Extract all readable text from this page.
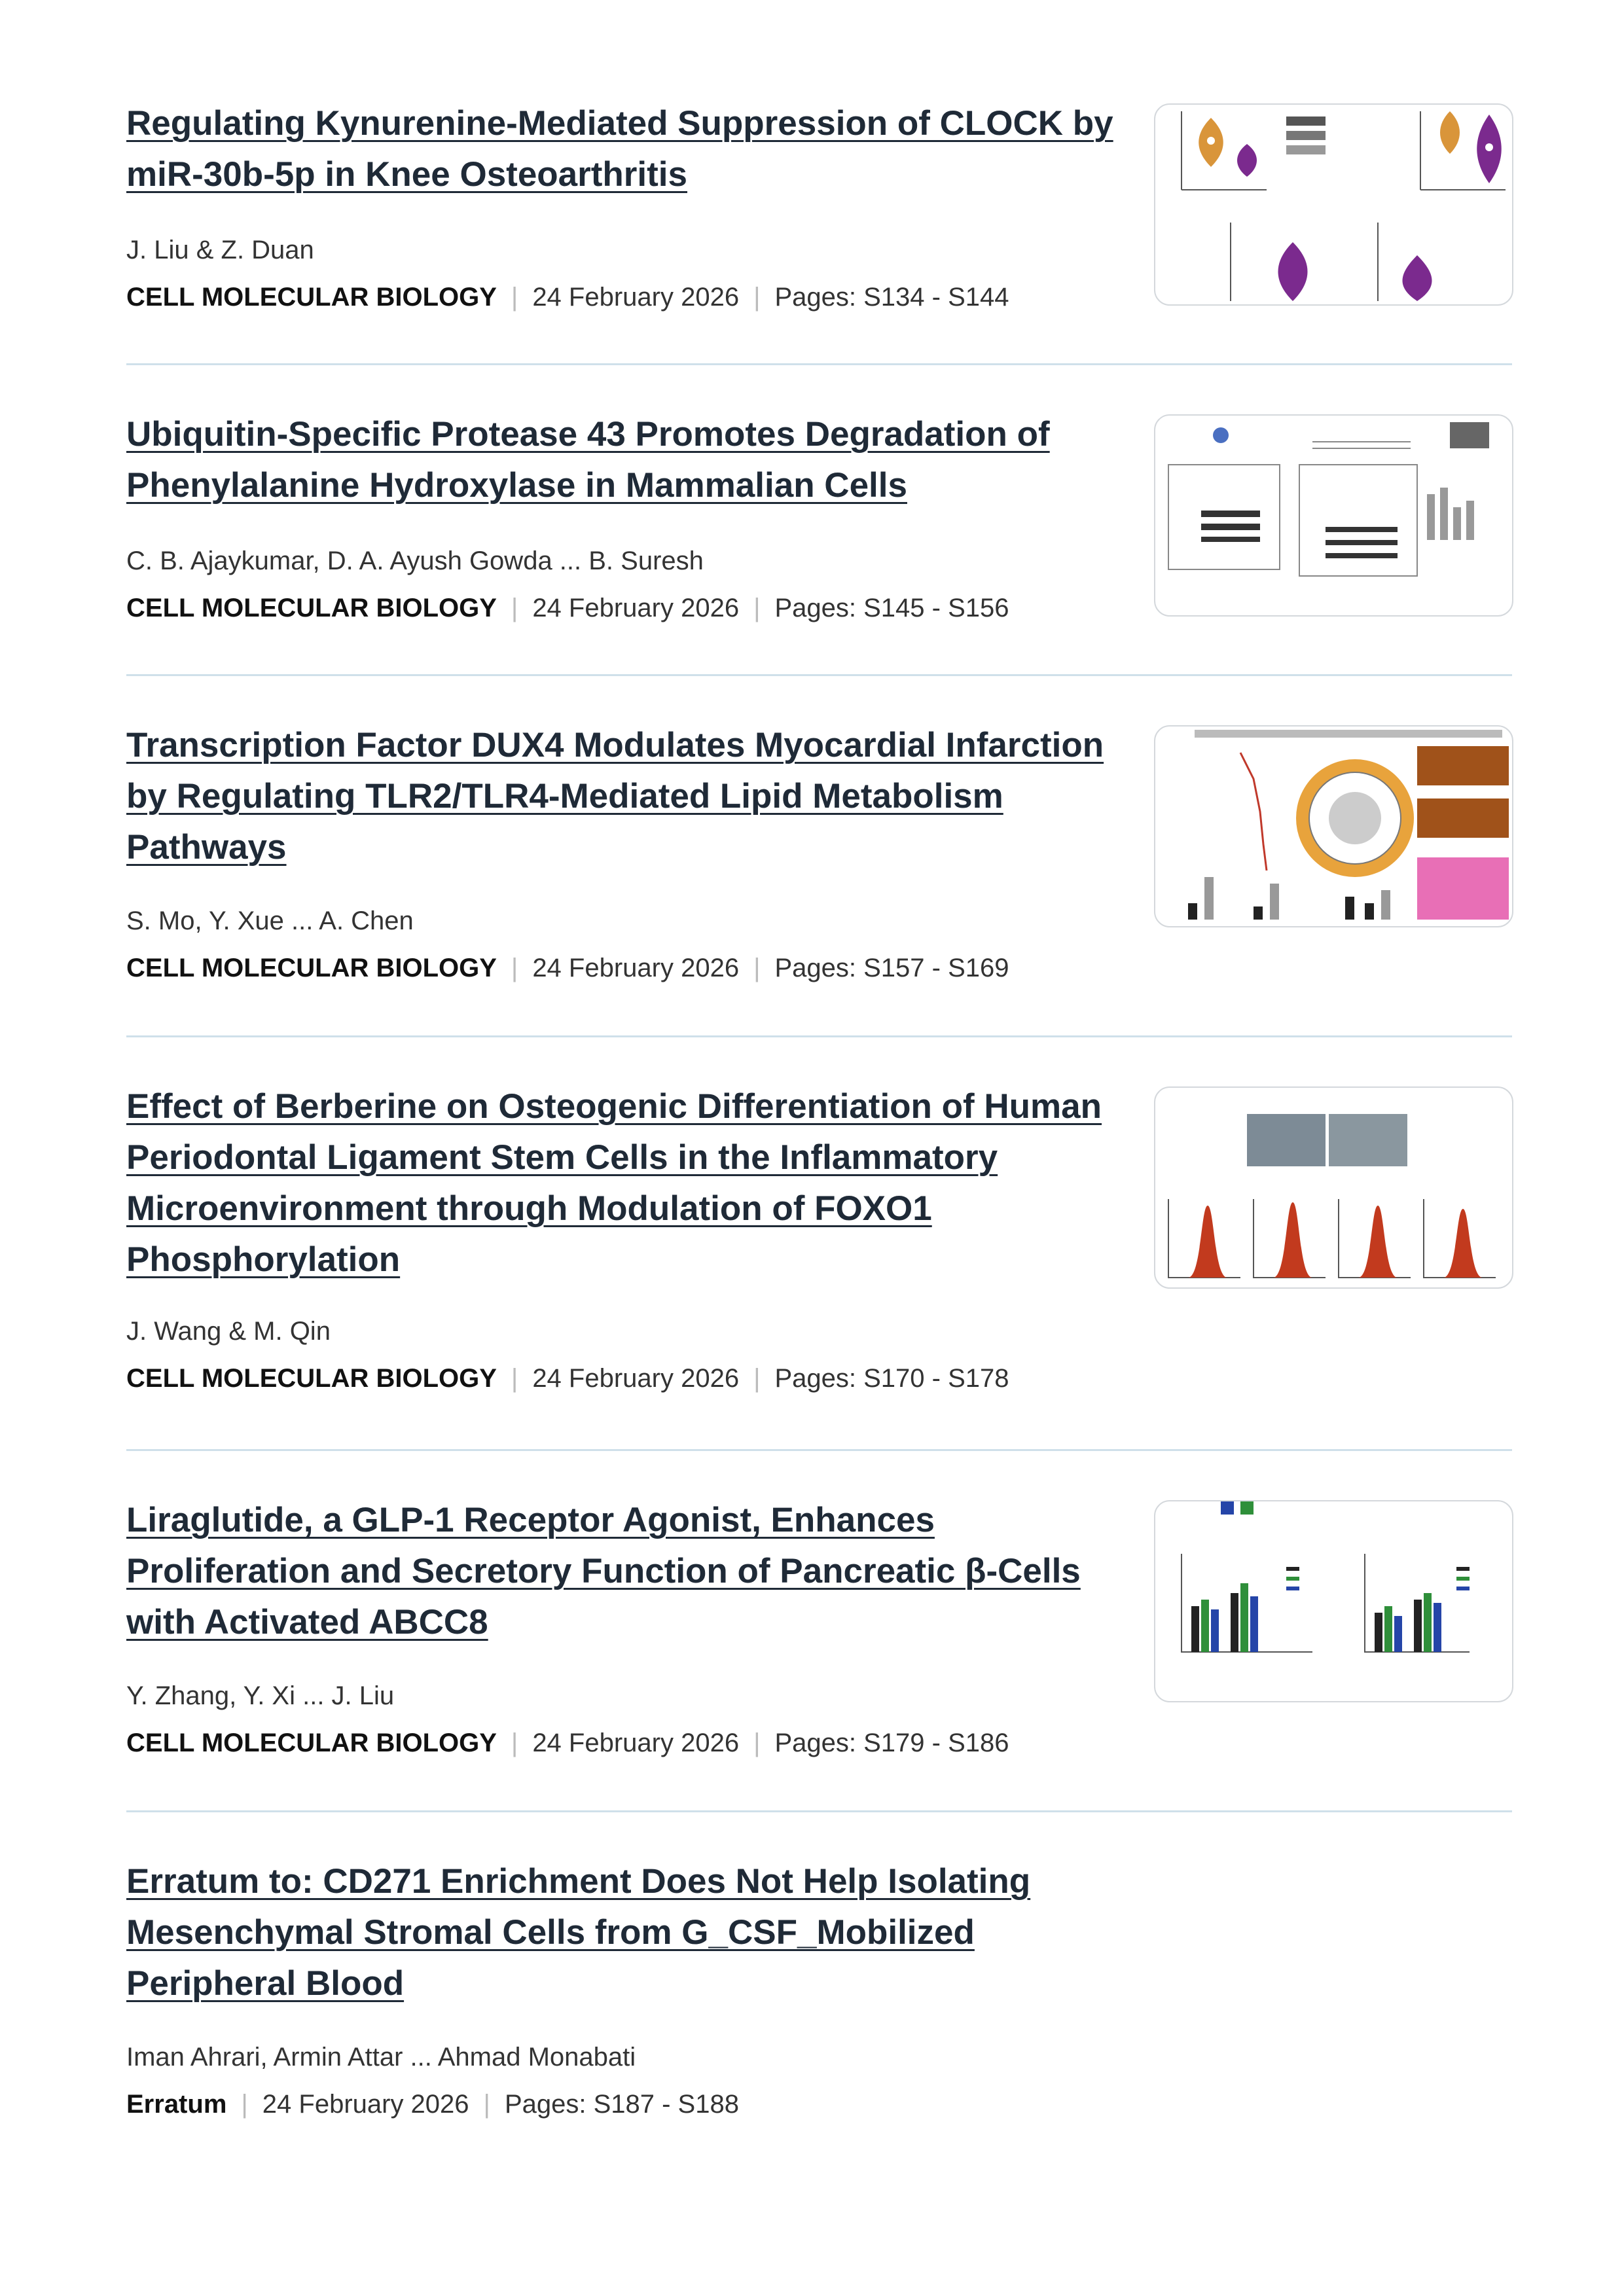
Regulating Kynurenine-Mediated Suppression of CLOCK by miR-30b-5p in Knee Osteoarthritis
J. Liu & Z. Duan
CELL MOLECULAR BIOLOGY | 24 February 2026 | Pages: S134 - S144
Ubiquitin-Specific Protease 43 Promotes Degradation of Phenylalanine Hydroxylase in Mammalian Cells
C. B. Ajaykumar, D. A. Ayush Gowda ... B. Suresh
CELL MOLECULAR BIOLOGY | 24 February 2026 | Pages: S145 - S156
Transcription Factor DUX4 Modulates Myocardial Infarction by Regulating TLR2/TLR4-Mediated Lipid Metabolism Pathways
S. Mo, Y. Xue ... A. Chen
CELL MOLECULAR BIOLOGY | 24 February 2026 | Pages: S157 - S169
Effect of Berberine on Osteogenic Differentiation of Human Periodontal Ligament Stem Cells in the Inflammatory Microenvironment through Modulation of FOXO1 Phosphorylation
J. Wang & M. Qin
CELL MOLECULAR BIOLOGY | 24 February 2026 | Pages: S170 - S178
Liraglutide, a GLP-1 Receptor Agonist, Enhances Proliferation and Secretory Function of Pancreatic β-Cells with Activated ABCC8
Y. Zhang, Y. Xi ... J. Liu
CELL MOLECULAR BIOLOGY | 24 February 2026 | Pages: S179 - S186
Erratum to: CD271 Enrichment Does Not Help Isolating Mesenchymal Stromal Cells from G_CSF_Mobilized Peripheral Blood
Iman Ahrari, Armin Attar ... Ahmad Monabati
Erratum | 24 February 2026 | Pages: S187 - S188
